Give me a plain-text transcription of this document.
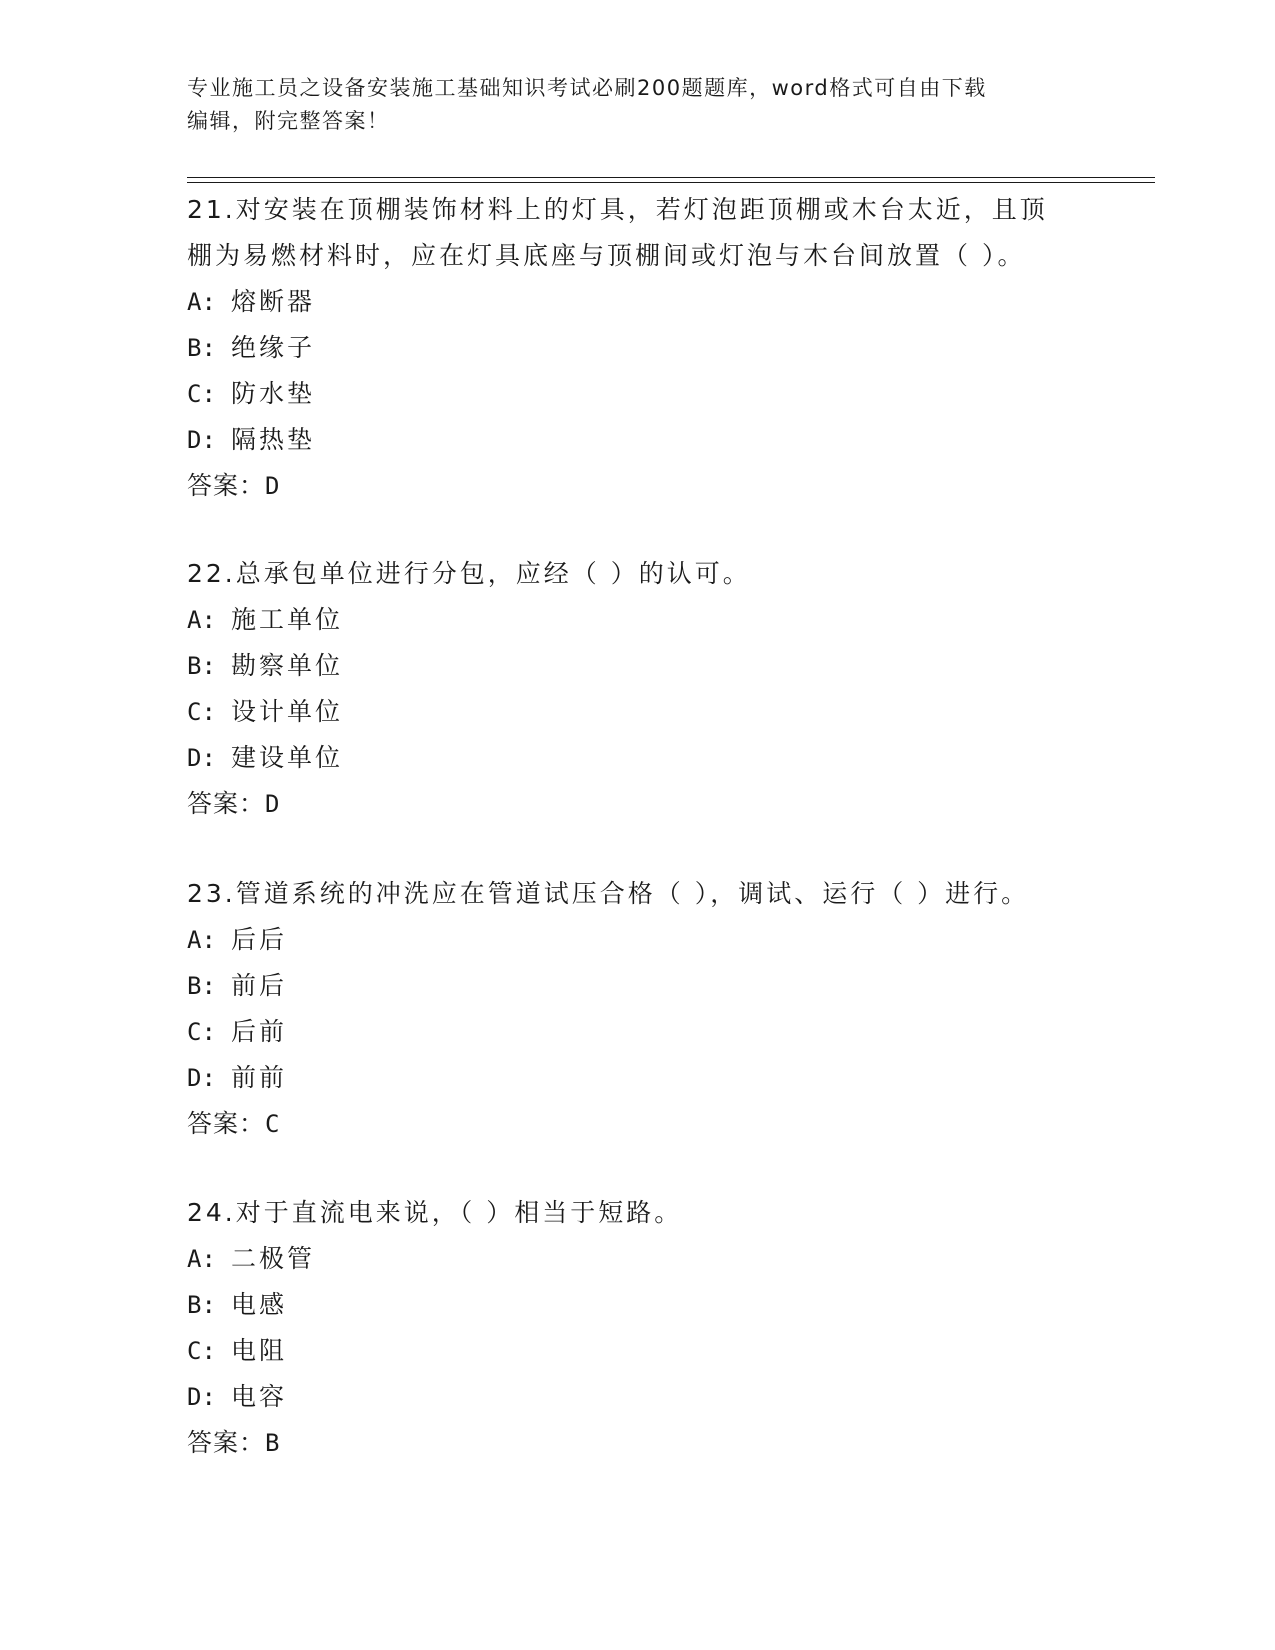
专业施工员之设备安装施工基础知识考试必刷200题题库，word格式可自由下载
编辑，附完整答案！

21.对安装在顶棚装饰材料上的灯具，若灯泡距顶棚或木台太近，且顶

棚为易燃材料时，应在灯具底座与顶棚间或灯泡与木台间放置（ ）。

A: 熔断器

B: 绝缘子

C: 防水垫

D: 隔热垫

答案：D

22.总承包单位进行分包，应经（ ）的认可。

A: 施工单位

B: 勘察单位

C: 设计单位

D: 建设单位

答案：D

23.管道系统的冲洗应在管道试压合格（ ），调试、运行（ ）进行。

A: 后后

B: 前后

C: 后前

D: 前前

答案：C

24.对于直流电来说，（ ）相当于短路。

A: 二极管

B: 电感

C: 电阻

D: 电容

答案：B
